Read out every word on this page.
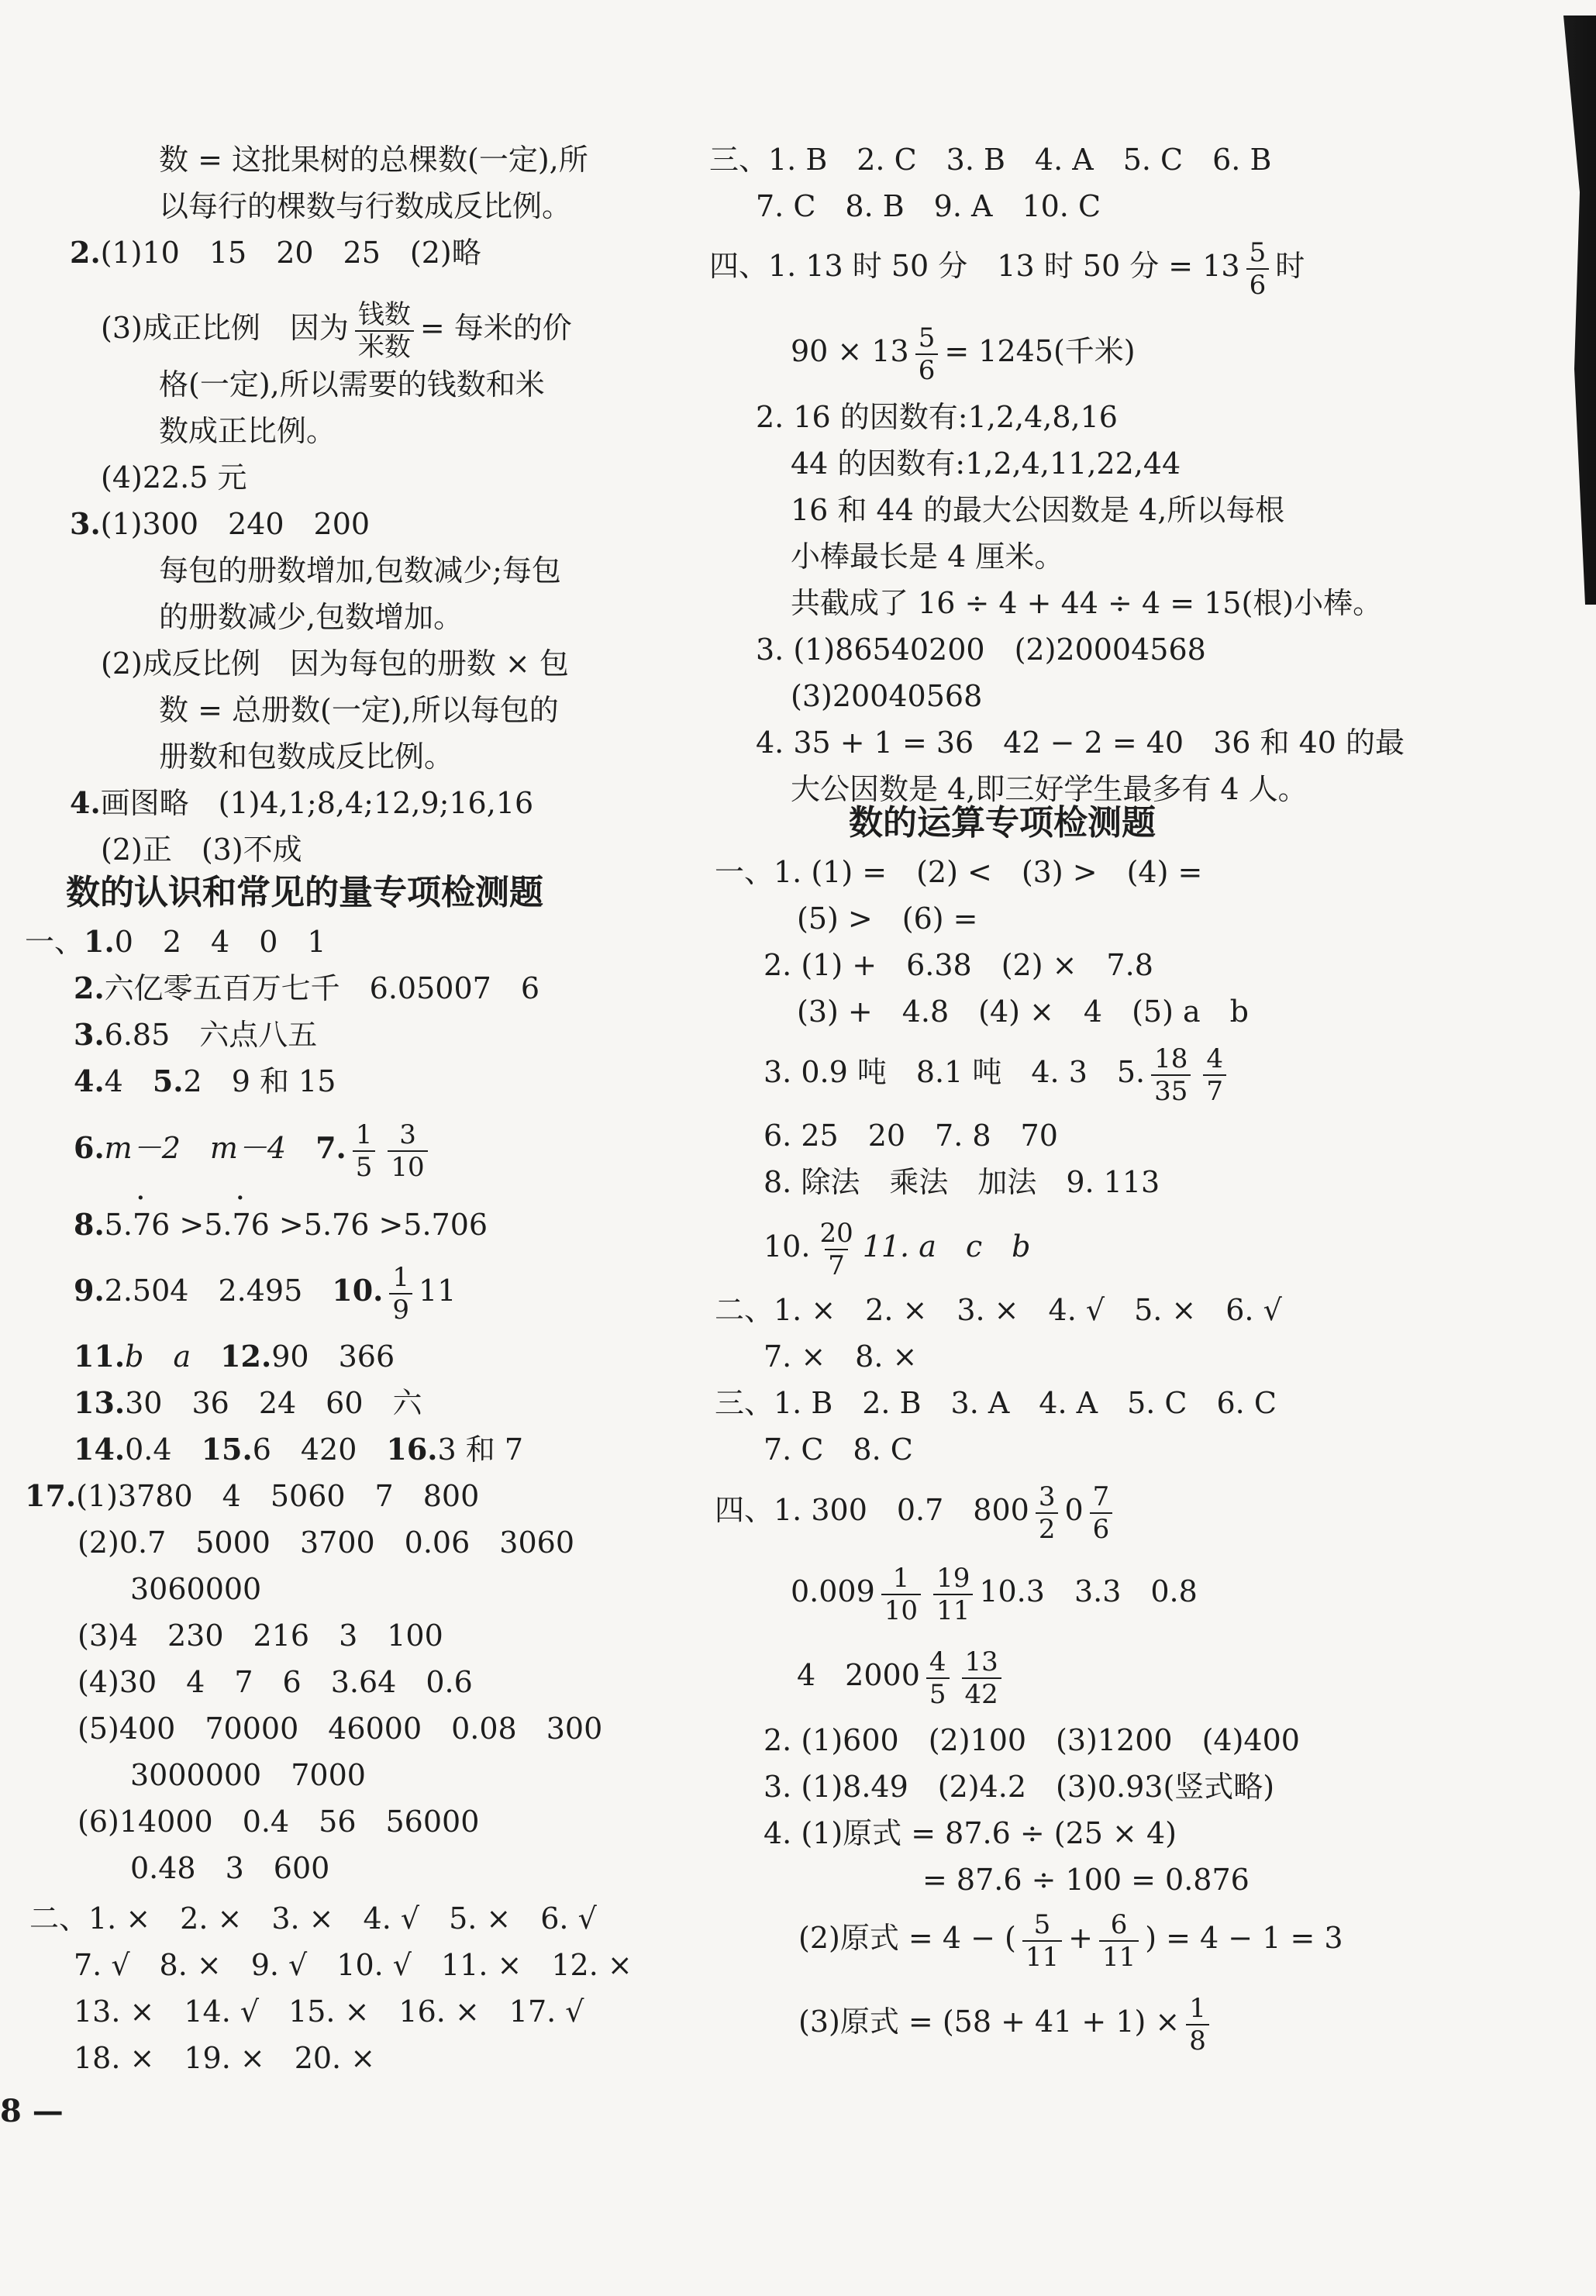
数 = 这批果树的总棵数(一定),所
以每行的棵数与行数成反比例。
2.(1)10　15　20　25　(2)略
(3)成正比例　因为 $\frac{\text{钱数}}{\text{米数}}$ = 每米的价
格(一定),所以需要的钱数和米
数成正比例。
(4)22.5 元
3.(1)300　240　200
每包的册数增加,包数减少;每包
的册数减少,包数增加。
(2)成反比例　因为每包的册数 × 包
数 = 总册数(一定),所以每包的
册数和包数成反比例。
4.画图略　(1)4,1;8,4;12,9;16,16
(2)正　(3)不成
数的认识和常见的量专项检测题
一、1.0　2　4　0　1
2.六亿零五百万七千　6.05007　6
3.6.85　六点八五
4.4　5.2　9 和 15
6.m－2　m－4　7. $\frac{1}{5} \frac{3}{10}$
8.5.· 76 >5.· 76 >5.76 >5.706
9.2.504　2.495　10. $\frac{1}{9} 11$
11.b　a　12.90　366
13.30　36　24　60　六
14.0.4　15.6　420　16.3 和 7
17.(1)3780　4　5060　7　800
(2)0.7　5000　3700　0.06　3060
3060000
(3)4　230　216　3　100
(4)30　4　7　6　3.64　0.6
(5)400　70000　46000　0.08　300
3000000　7000
(6)14000　0.4　56　56000
0.48　3　600
二、1. ×　2. ×　3. ×　4. √　5. ×　6. √
7. √　8. ×　9. √　10. √　11. ×　12. ×
13. ×　14. √　15. ×　16. ×　17. √
18. ×　19. ×　20. ×
8 —
三、1. B　2. C　3. B　4. A　5. C　6. B
7. C　8. B　9. A　10. C
四、1. 13 时 50 分　13 时 50 分 = $13 \frac{5}{6}$ 时
$90 \times 13 \frac{5}{6} = 1245$(千米)
2. 16 的因数有:1,2,4,8,16
44 的因数有:1,2,4,11,22,44
16 和 44 的最大公因数是 4,所以每根
小棒最长是 4 厘米。
共截成了 16 ÷ 4 + 44 ÷ 4 = 15(根)小棒。
3. (1)86540200　(2)20004568
(3)20040568
4. 35 + 1 = 36　42 − 2 = 40　36 和 40 的最
大公因数是 4,即三好学生最多有 4 人。
数的运算专项检测题
一、1. (1) =　(2) <　(3) >　(4) =
(5) >　(6) =
2. (1) +　6.38　(2) ×　7.8
(3) +　4.8　(4) ×　4　(5) a　b
3. 0.9 吨　8.1 吨　4. 3　5. $\frac{18}{35} \frac{4}{7}$
6. 25　20　7. 8　70
8. 除法　乘法　加法　9. 113
10. $\frac{20}{7} 11$. a　c　b
二、1. ×　2. ×　3. ×　4. √　5. ×　6. √
7. ×　8. ×
三、1. B　2. B　3. A　4. A　5. C　6. C
7. C　8. C
四、1. 300　0.7　$800 \frac{3}{2} 0 \frac{7}{6}$
$0.009 \frac{1}{10} \frac{19}{11} 10.3$　3.3　0.8
4　$2000 \frac{4}{5} \frac{13}{42}$
2. (1)600　(2)100　(3)1200　(4)400
3. (1)8.49　(2)4.2　(3)0.93(竖式略)
4. (1)原式 = 87.6 ÷ (25 × 4)
= 87.6 ÷ 100 = 0.876
(2)原式 = 4 − ( $\frac{5}{11} + \frac{6}{11}$ ) = 4 − 1 = 3
(3)原式 = $(58 + 41 + 1) \times \frac{1}{8}$
